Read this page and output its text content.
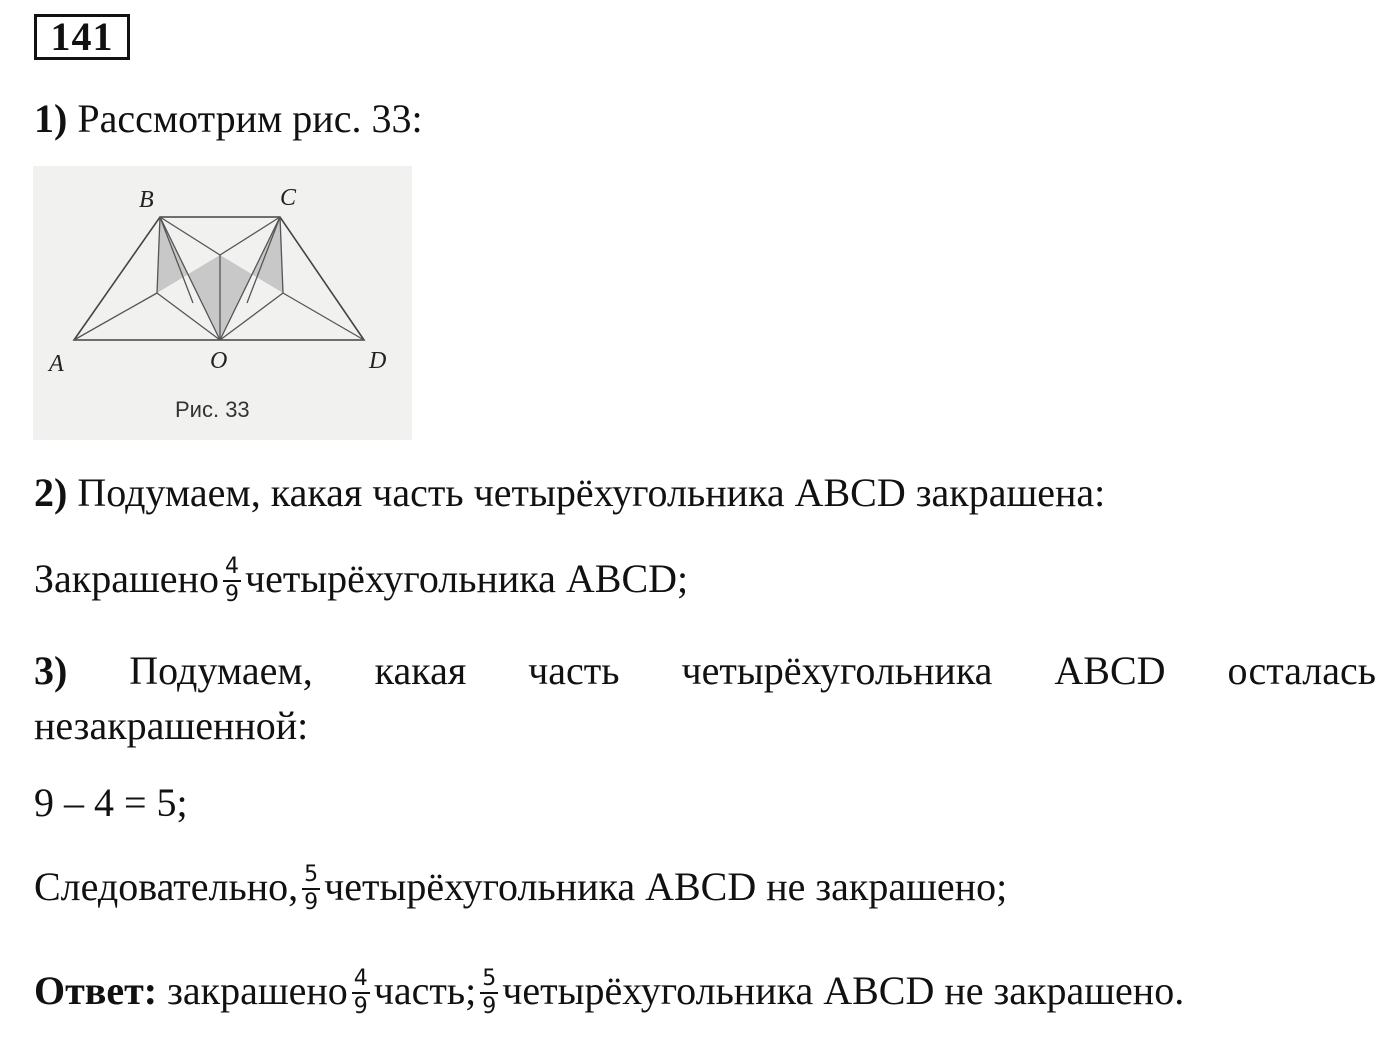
141
1) Рассмотрим рис. 33:
B	C
A	O	D
Рис. 33
2) Подумаем, какая часть четырёхугольника ABCD закрашена:
Закрашено $\frac{4}{9}$ четырёхугольника ABCD;
3) Подумаем, какая часть четырёхугольника ABCD осталась
незакрашенной:
9 – 4 = 5;
Следовательно, $\frac{5}{9}$ четырёхугольника ABCD не закрашено;
Ответ: закрашено $\frac{4}{9}$ часть; $\frac{5}{9}$ четырёхугольника ABCD не закрашено.
